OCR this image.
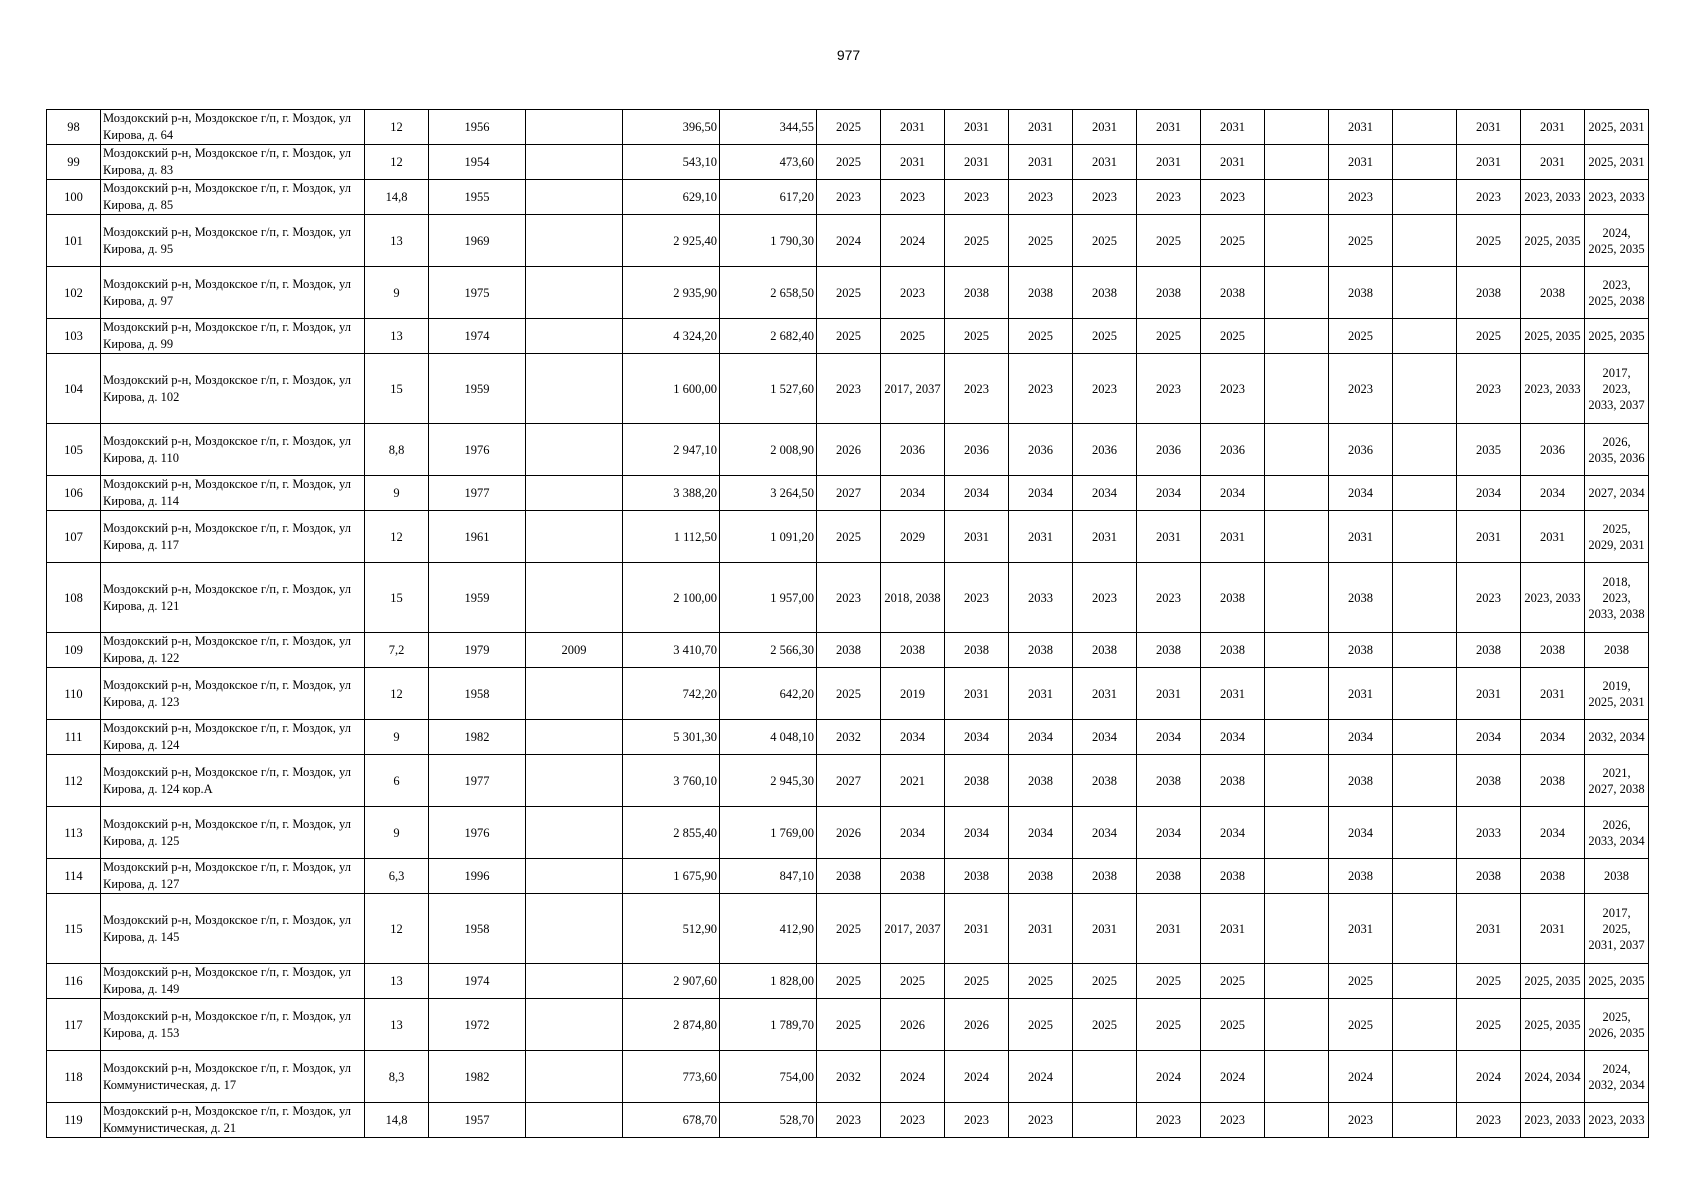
977
98	Моздокский р-н, Моздокское г/п, г. Моздок, ул Кирова, д. 64	12	1956		396,50	344,55	2025	2031	2031	2031	2031	2031	2031		2031		2031	2031	2025, 2031
99	Моздокский р-н, Моздокское г/п, г. Моздок, ул Кирова, д. 83	12	1954		543,10	473,60	2025	2031	2031	2031	2031	2031	2031		2031		2031	2031	2025, 2031
100	Моздокский р-н, Моздокское г/п, г. Моздок, ул Кирова, д. 85	14,8	1955		629,10	617,20	2023	2023	2023	2023	2023	2023	2023		2023		2023	2023, 2033	2023, 2033
101	Моздокский р-н, Моздокское г/п, г. Моздок, ул Кирова, д. 95	13	1969		2 925,40	1 790,30	2024	2024	2025	2025	2025	2025	2025		2025		2025	2025, 2035	2024, 2025, 2035
102	Моздокский р-н, Моздокское г/п, г. Моздок, ул Кирова, д. 97	9	1975		2 935,90	2 658,50	2025	2023	2038	2038	2038	2038	2038		2038		2038	2038	2023, 2025, 2038
103	Моздокский р-н, Моздокское г/п, г. Моздок, ул Кирова, д. 99	13	1974		4 324,20	2 682,40	2025	2025	2025	2025	2025	2025	2025		2025		2025	2025, 2035	2025, 2035
104	Моздокский р-н, Моздокское г/п, г. Моздок, ул Кирова, д. 102	15	1959		1 600,00	1 527,60	2023	2017, 2037	2023	2023	2023	2023	2023		2023		2023	2023, 2033	2017, 2023, 2033, 2037
105	Моздокский р-н, Моздокское г/п, г. Моздок, ул Кирова, д. 110	8,8	1976		2 947,10	2 008,90	2026	2036	2036	2036	2036	2036	2036		2036		2035	2036	2026, 2035, 2036
106	Моздокский р-н, Моздокское г/п, г. Моздок, ул Кирова, д. 114	9	1977		3 388,20	3 264,50	2027	2034	2034	2034	2034	2034	2034		2034		2034	2034	2027, 2034
107	Моздокский р-н, Моздокское г/п, г. Моздок, ул Кирова, д. 117	12	1961		1 112,50	1 091,20	2025	2029	2031	2031	2031	2031	2031		2031		2031	2031	2025, 2029, 2031
108	Моздокский р-н, Моздокское г/п, г. Моздок, ул Кирова, д. 121	15	1959		2 100,00	1 957,00	2023	2018, 2038	2023	2033	2023	2023	2038		2038		2023	2023, 2033	2018, 2023, 2033, 2038
109	Моздокский р-н, Моздокское г/п, г. Моздок, ул Кирова, д. 122	7,2	1979	2009	3 410,70	2 566,30	2038	2038	2038	2038	2038	2038	2038		2038		2038	2038	2038
110	Моздокский р-н, Моздокское г/п, г. Моздок, ул Кирова, д. 123	12	1958		742,20	642,20	2025	2019	2031	2031	2031	2031	2031		2031		2031	2031	2019, 2025, 2031
111	Моздокский р-н, Моздокское г/п, г. Моздок, ул Кирова, д. 124	9	1982		5 301,30	4 048,10	2032	2034	2034	2034	2034	2034	2034		2034		2034	2034	2032, 2034
112	Моздокский р-н, Моздокское г/п, г. Моздок, ул Кирова, д. 124 кор.А	6	1977		3 760,10	2 945,30	2027	2021	2038	2038	2038	2038	2038		2038		2038	2038	2021, 2027, 2038
113	Моздокский р-н, Моздокское г/п, г. Моздок, ул Кирова, д. 125	9	1976		2 855,40	1 769,00	2026	2034	2034	2034	2034	2034	2034		2034		2033	2034	2026, 2033, 2034
114	Моздокский р-н, Моздокское г/п, г. Моздок, ул Кирова, д. 127	6,3	1996		1 675,90	847,10	2038	2038	2038	2038	2038	2038	2038		2038		2038	2038	2038
115	Моздокский р-н, Моздокское г/п, г. Моздок, ул Кирова, д. 145	12	1958		512,90	412,90	2025	2017, 2037	2031	2031	2031	2031	2031		2031		2031	2031	2017, 2025, 2031, 2037
116	Моздокский р-н, Моздокское г/п, г. Моздок, ул Кирова, д. 149	13	1974		2 907,60	1 828,00	2025	2025	2025	2025	2025	2025	2025		2025		2025	2025, 2035	2025, 2035
117	Моздокский р-н, Моздокское г/п, г. Моздок, ул Кирова, д. 153	13	1972		2 874,80	1 789,70	2025	2026	2026	2025	2025	2025	2025		2025		2025	2025, 2035	2025, 2026, 2035
118	Моздокский р-н, Моздокское г/п, г. Моздок, ул Коммунистическая, д. 17	8,3	1982		773,60	754,00	2032	2024	2024	2024		2024	2024		2024		2024	2024, 2034	2024, 2032, 2034
119	Моздокский р-н, Моздокское г/п, г. Моздок, ул Коммунистическая, д. 21	14,8	1957		678,70	528,70	2023	2023	2023	2023		2023	2023		2023		2023	2023, 2033	2023, 2033
